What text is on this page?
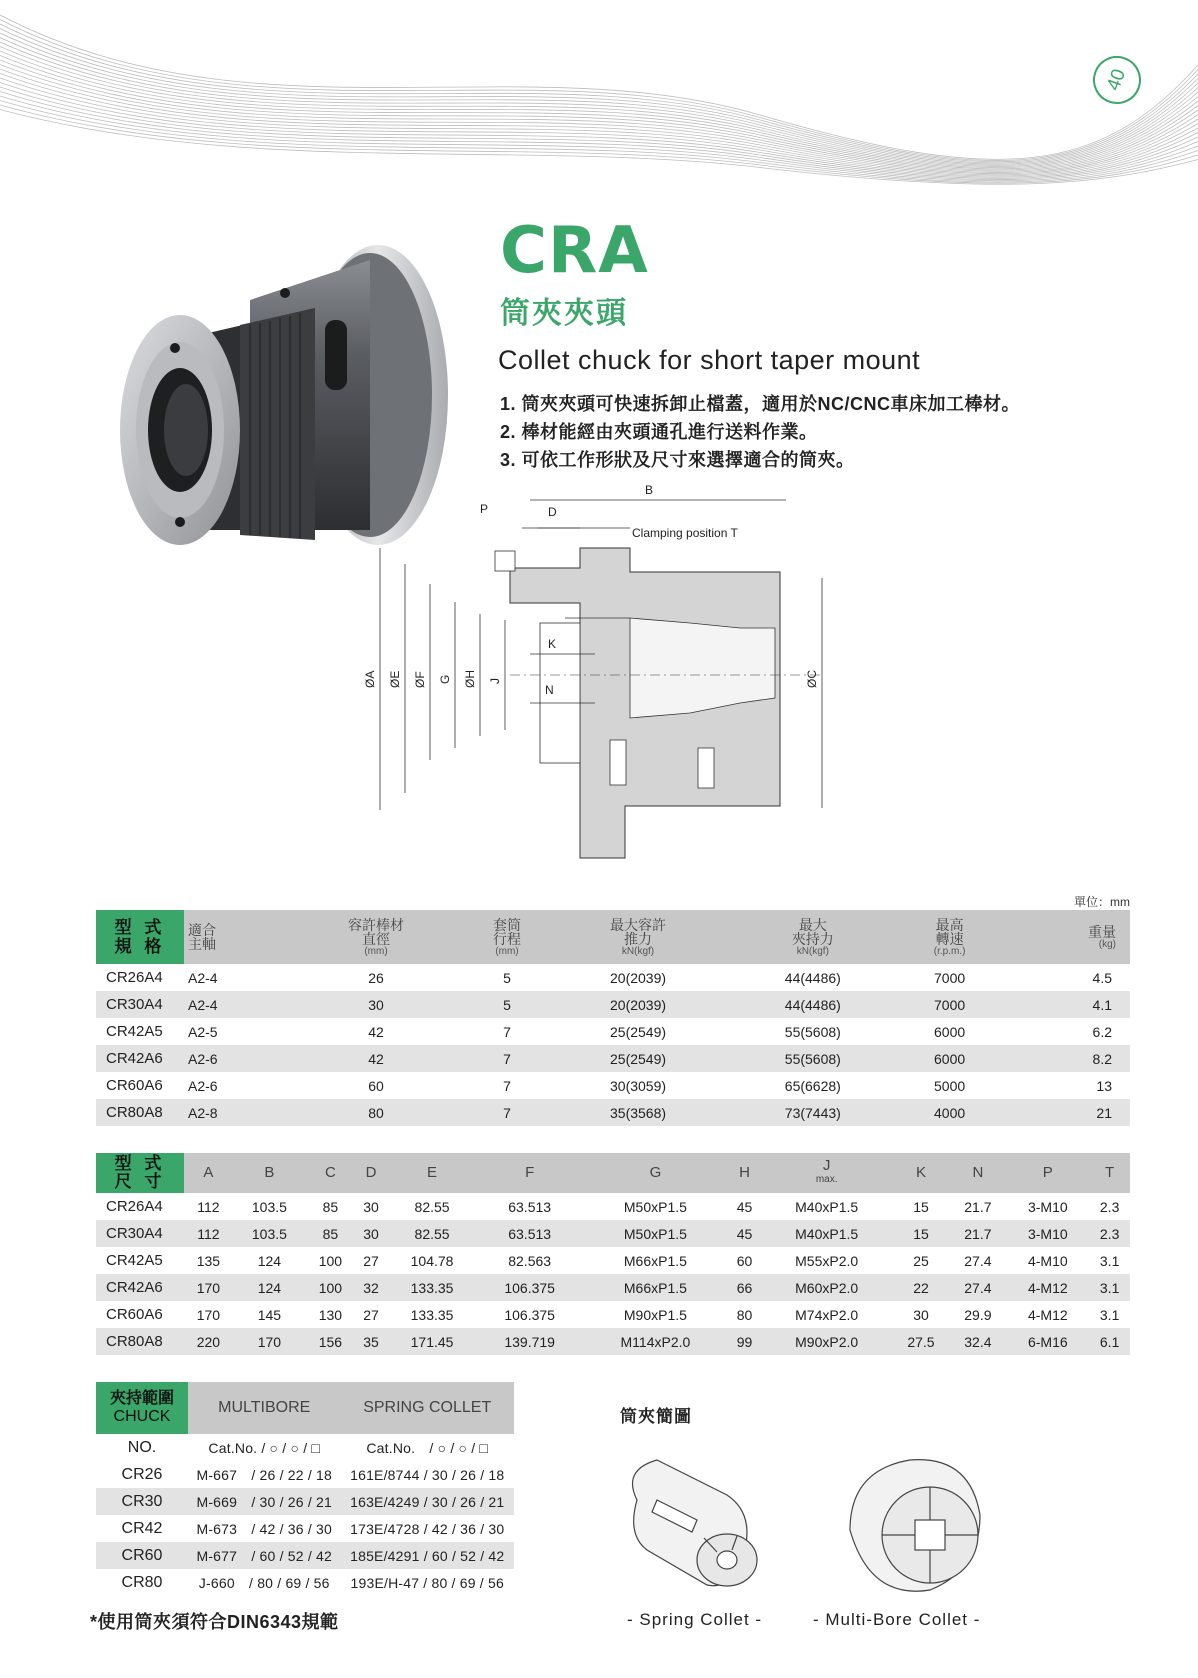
40
CRA
筒夾夾頭
Collet chuck for short taper mount
1. 筒夾夾頭可快速拆卸止檔蓋，適用於NC/CNC車床加工棒材。
2. 棒材能經由夾頭通孔進行送料作業。
3. 可依工作形狀及尺寸來選擇適合的筒夾。
B
P	D
Clamping position T
K
N
ØA ØE ØF G ØH J	ØC
單位：mm
型 式
規 格	適合
主軸	容許棒材
直徑
(mm)	套筒
行程
(mm)	最大容許
推力
kN(kgf)	最大
夾持力
kN(kgf)	最高
轉速
(r.p.m.)	重量
(kg)

CR26A4	A2-4	26	5	20(2039)	44(4486)	7000	4.5
CR30A4	A2-4	30	5	20(2039)	44(4486)	7000	4.1
CR42A5	A2-5	42	7	25(2549)	55(5608)	6000	6.2
CR42A6	A2-6	42	7	25(2549)	55(5608)	6000	8.2
CR60A6	A2-6	60	7	30(3059)	65(6628)	5000	13
CR80A8	A2-8	80	7	35(3568)	73(7443)	4000	21
型 式
尺 寸	A	B	C	D	E	F	G	H	J
max.	K	N	P	T
CR26A4	112	103.5	85	30	82.55	63.513	M50xP1.5	45	M40xP1.5	15	21.7	3-M10	2.3
CR30A4	112	103.5	85	30	82.55	63.513	M50xP1.5	45	M40xP1.5	15	21.7	3-M10	2.3
CR42A5	135	124	100	27	104.78	82.563	M66xP1.5	60	M55xP2.0	25	27.4	4-M10	3.1
CR42A6	170	124	100	32	133.35	106.375	M66xP1.5	66	M60xP2.0	22	27.4	4-M12	3.1
CR60A6	170	145	130	27	133.35	106.375	M90xP1.5	80	M74xP2.0	30	29.9	4-M12	3.1
CR80A8	220	170	156	35	171.45	139.719	M114xP2.0	99	M90xP2.0	27.5	32.4	6-M16	6.1
夾持範圍
CHUCK	MULTIBORE	SPRING COLLET
NO.	Cat.No. / ○ / ○ / □	Cat.No.　/ ○ / ○ / □
CR26	M-667　/ 26 / 22 / 18	161E/8744 / 30 / 26 / 18
CR30	M-669　/ 30 / 26 / 21	163E/4249 / 30 / 26 / 21
CR42	M-673　/ 42 / 36 / 30	173E/4728 / 42 / 36 / 30
CR60	M-677　/ 60 / 52 / 42	185E/4291 / 60 / 52 / 42
CR80	J-660　/ 80 / 69 / 56	193E/H-47 / 80 / 69 / 56
*使用筒夾須符合DIN6343規範
筒夾簡圖
- Spring Collet -	- Multi-Bore Collet -
